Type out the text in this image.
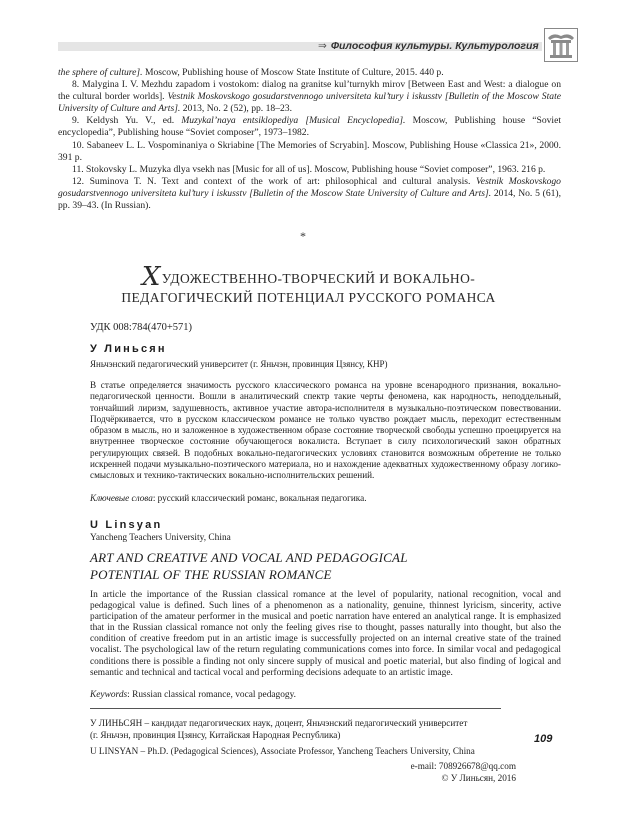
⇒ Философия культуры. Культурология

the sphere of culture]. Moscow, Publishing house of Moscow State Institute of Culture, 2015. 440 p.

8. Malygina I. V. Mezhdu zapadom i vostokom: dialog na granitse kul’turnykh mirov [Between East and West: a dialogue on the cultural border worlds]. Vestnik Moskovskogo gosudarstvennogo universiteta kul’tury i iskusstv [Bulletin of the Moscow State University of Culture and Arts]. 2013, No. 2 (52), pp. 18–23.

9. Keldysh Yu. V., ed. Muzykal’naya entsiklopediya [Musical Encyclopedia]. Moscow, Publishing house “Soviet encyclopedia”, Publishing house “Soviet composer”, 1973–1982.

10. Sabaneev L. L. Vospominaniya o Skriabine [The Memories of Scryabin]. Moscow, Publishing House «Classica 21», 2000. 391 p.

11. Stokovsky L. Muzyka dlya vsekh nas [Music for all of us]. Moscow, Publishing house “Soviet composer”, 1963. 216 p.

12. Suminova T. N. Text and context of the work of art: philosophical and cultural analysis. Vestnik Moskovskogo gosudarstvennogo universiteta kul’tury i iskusstv [Bulletin of the Moscow State University of Culture and Arts]. 2014, No. 5 (61), pp. 39–43. (In Russian).

*
ХУДОЖЕСТВЕННО-ТВОРЧЕСКИЙ И ВОКАЛЬНО-
ПЕДАГОГИЧЕСКИЙ ПОТЕНЦИАЛ РУССКОГО РОМАНСА
УДК 008:784(470+571)
У Линьсян
Яньчэнский педагогический университет (г. Яньчэн, провинция Цзянсу, КНР)
В статье определяется значимость русского классического романса на уровне всенародного признания, вокально-педагогической ценности. Вошли в аналитический спектр такие черты феномена, как народность, неподдельный, тончайший лиризм, задушевность, активное участие автора-исполнителя в музыкально-поэтическом повествовании. Подчёркивается, что в русском классическом романсе не только чувство рождает мысль, переходит естественным образом в мысль, но и заложенное в художественном образе состояние творческой свободы успешно проецируется на внутреннее творческое состояние обучающегося вокалиста. Вступает в силу психологический закон обратных регулирующих связей. В подобных вокально-педагогических условиях становится возможным обретение не только искренней подачи музыкально-поэтического материала, но и нахождение адекватных художественному образу логико-смысловых и технико-тактических вокально-исполнительских решений.
Ключевые слова: русский классический романс, вокальная педагогика.
U Linsyan
Yancheng Teachers University, China
ART AND CREATIVE AND VOCAL AND PEDAGOGICAL
POTENTIAL OF THE RUSSIAN ROMANCE
In article the importance of the Russian classical romance at the level of popularity, national recognition, vocal and pedagogical value is defined. Such lines of a phenomenon as a nationality, genuine, thinnest lyricism, sincerity, active participation of the amateur performer in the musical and poetic narration have entered an analytical range. It is emphasized that in the Russian classical romance not only the feeling gives rise to thought, passes naturally into thought, but also the condition of creative freedom put in an artistic image is successfully projected on an internal creative state of the trained vocalist. The psychological law of the return regulating communications comes into force. In similar vocal and pedagogical conditions there is possible a finding not only sincere supply of musical and poetic material, but also finding of logical and semantic and technical and tactical vocal and performing decisions adequate to an artistic image.
Keywords: Russian classical romance, vocal pedagogy.
У ЛИНЬСЯН – кандидат педагогических наук, доцент, Яньчэнский педагогический университет
(г. Яньчэн, провинция Цзянсу, Китайская Народная Республика)
U LINSYAN – Ph.D. (Pedagogical Sciences), Associate Professor, Yancheng Teachers University, China
109
e-mail: 708926678@qq.com
© У Линьсян, 2016
